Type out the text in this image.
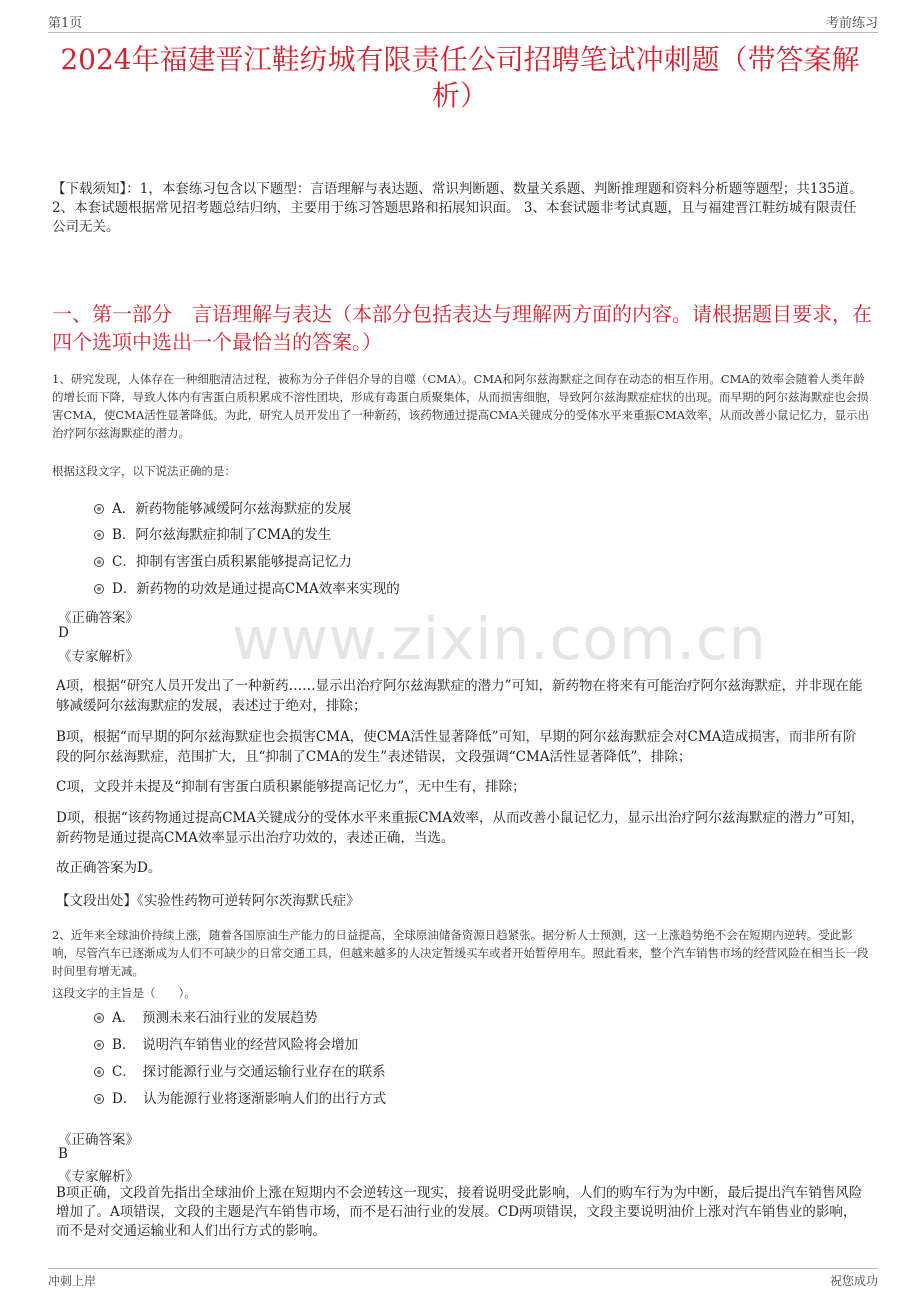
第1页	考前练习
2024年福建晋江鞋纺城有限责任公司招聘笔试冲刺题（带答案解析）
【下载须知】：1，本套练习包含以下题型：言语理解与表达题、常识判断题、数量关系题、判断推理题和资料分析题等题型；共135道。 2、本套试题根据常见招考题总结归纳，主要用于练习答题思路和拓展知识面。 3、本套试题非考试真题，且与福建晋江鞋纺城有限责任公司无关。
一、第一部分　言语理解与表达（本部分包括表达与理解两方面的内容。请根据题目要求，在四个选项中选出一个最恰当的答案。）
1、研究发现，人体存在一种细胞清洁过程，被称为分子伴侣介导的自噬（CMA）。CMA和阿尔兹海默症之间存在动态的相互作用。CMA的效率会随着人类年龄的增长而下降，导致人体内有害蛋白质积累成不溶性团块，形成有毒蛋白质聚集体，从而损害细胞，导致阿尔兹海默症症状的出现。而早期的阿尔兹海默症也会损害CMA，使CMA活性显著降低。为此，研究人员开发出了一种新药，该药物通过提高CMA关键成分的受体水平来重振CMA效率，从而改善小鼠记忆力，显示出治疗阿尔兹海默症的潜力。
根据这段文字，以下说法正确的是：
A．新药物能够减缓阿尔兹海默症的发展
B．阿尔兹海默症抑制了CMA的发生
C．抑制有害蛋白质积累能够提高记忆力
D．新药物的功效是通过提高CMA效率来实现的
《正确答案》
D
《专家解析》 www.zixin.com.cn
A项，根据“研究人员开发出了一种新药……显示出治疗阿尔兹海默症的潜力”可知，新药物在将来有可能治疗阿尔兹海默症，并非现在能够减缓阿尔兹海默症的发展，表述过于绝对，排除；
B项，根据“而早期的阿尔兹海默症也会损害CMA，使CMA活性显著降低”可知，早期的阿尔兹海默症会对CMA造成损害，而非所有阶段的阿尔兹海默症，范围扩大，且“抑制了CMA的发生”表述错误，文段强调“CMA活性显著降低”，排除；
C项，文段并未提及“抑制有害蛋白质积累能够提高记忆力”，无中生有，排除；
D项，根据“该药物通过提高CMA关键成分的受体水平来重振CMA效率，从而改善小鼠记忆力，显示出治疗阿尔兹海默症的潜力”可知，新药物是通过提高CMA效率显示出治疗功效的，表述正确，当选。
故正确答案为D。
【文段出处】《实验性药物可逆转阿尔茨海默氏症》
2、近年来全球油价持续上涨，随着各国原油生产能力的日益提高，全球原油储备资源日趋紧张。据分析人士预测，这一上涨趋势绝不会在短期内逆转。受此影响，尽管汽车已逐渐成为人们不可缺少的日常交通工具，但越来越多的人决定暂缓买车或者开始暂停用车。照此看来，整个汽车销售市场的经营风险在相当长一段时间里有增无减。
这段文字的主旨是（　　）。
A．　预测未来石油行业的发展趋势
B．　说明汽车销售业的经营风险将会增加
C．　探讨能源行业与交通运输行业存在的联系
D．　认为能源行业将逐渐影响人们的出行方式
《正确答案》
B
《专家解析》
B项正确，文段首先指出全球油价上涨在短期内不会逆转这一现实，接着说明受此影响，人们的购车行为为中断，最后提出汽车销售风险增加了。A项错误，文段的主题是汽车销售市场，而不是石油行业的发展。CD两项错误，文段主要说明油价上涨对汽车销售业的影响，而不是对交通运输业和人们出行方式的影响。
冲刺上岸	祝您成功
